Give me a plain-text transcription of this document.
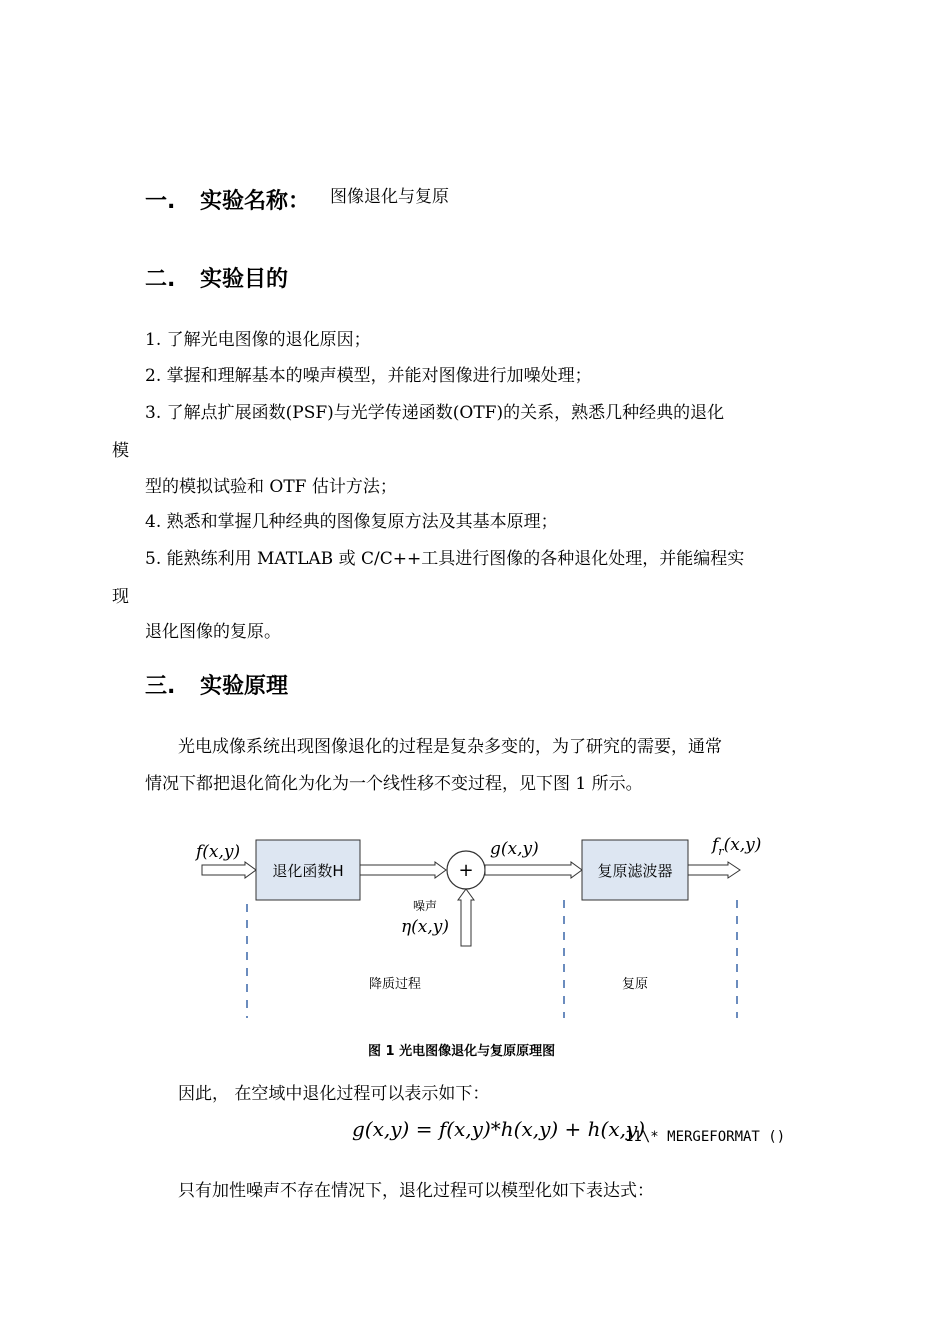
一. 实验名称： 图像退化与复原
二. 实验目的
1. 了解光电图像的退化原因；
2. 掌握和理解基本的噪声模型，并能对图像进行加噪处理；
3. 了解点扩展函数(PSF)与光学传递函数(OTF)的关系，熟悉几种经典的退化
模
型的模拟试验和 OTF 估计方法；
4. 熟悉和掌握几种经典的图像复原方法及其基本原理；
5. 能熟练利用 MATLAB 或 C/C++工具进行图像的各种退化处理，并能编程实
现
退化图像的复原。
三. 实验原理
光电成像系统出现图像退化的过程是复杂多变的，为了研究的需要，通常
情况下都把退化简化为化为一个线性移不变过程，见下图 1 所示。
f(x,y)
退化函数H	+
噪声
η(x,y)
g(x,y)
复原滤波器
$f_r(x,y)$
降质过程	复原
图 1 光电图像退化与复原原理图
因此， 在空域中退化过程可以表示如下：
g(x,y) = f(x,y)*h(x,y) + h(x,y)
11\* MERGEFORMAT ()
只有加性噪声不存在情况下，退化过程可以模型化如下表达式：
